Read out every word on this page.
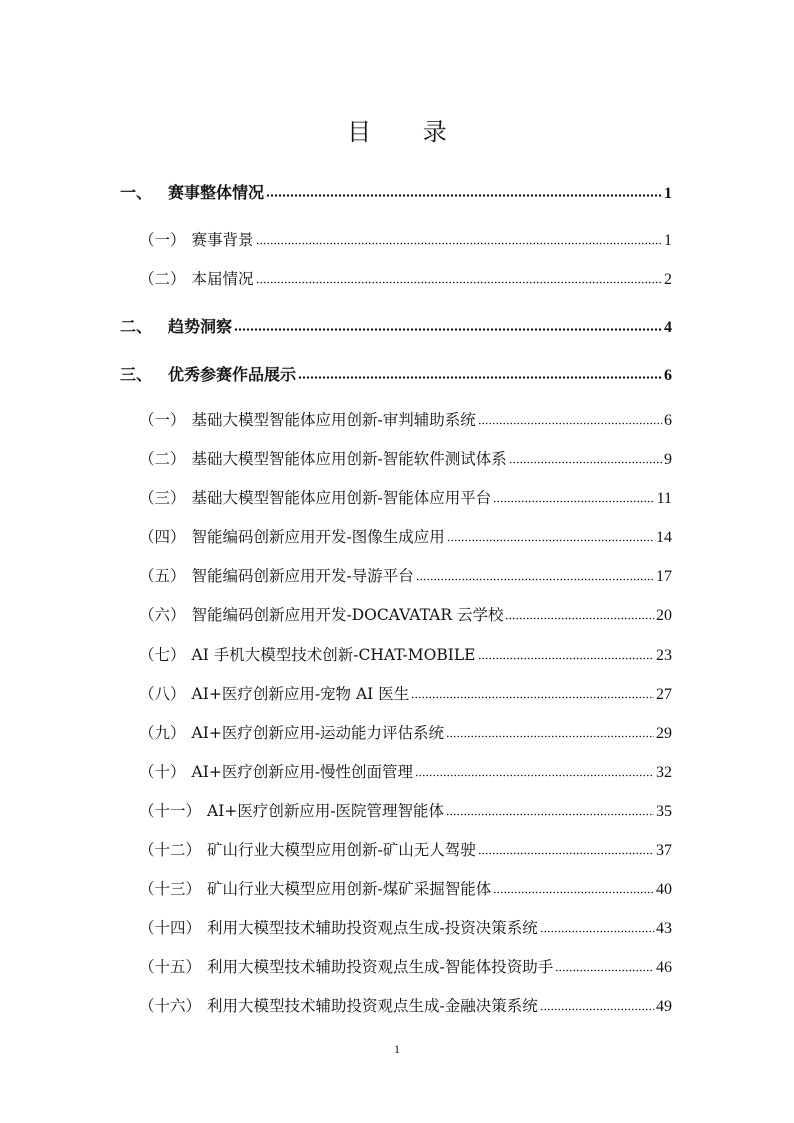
目 录
一、 赛事整体情况	1
（一） 赛事背景	1
（二） 本届情况	2
二、 趋势洞察	4
三、 优秀参赛作品展示	6
（一） 基础大模型智能体应用创新-审判辅助系统	6
（二） 基础大模型智能体应用创新-智能软件测试体系	9
（三） 基础大模型智能体应用创新-智能体应用平台	11
（四） 智能编码创新应用开发-图像生成应用	14
（五） 智能编码创新应用开发-导游平台	17
（六） 智能编码创新应用开发-DOCAVATAR 云学校	20
（七） AI 手机大模型技术创新-CHAT-MOBILE	23
（八） AI+医疗创新应用-宠物 AI 医生	27
（九） AI+医疗创新应用-运动能力评估系统	29
（十） AI+医疗创新应用-慢性创面管理	32
（十一） AI+医疗创新应用-医院管理智能体	35
（十二） 矿山行业大模型应用创新-矿山无人驾驶	37
（十三） 矿山行业大模型应用创新-煤矿采掘智能体	40
（十四） 利用大模型技术辅助投资观点生成-投资决策系统	43
（十五） 利用大模型技术辅助投资观点生成-智能体投资助手	46
（十六） 利用大模型技术辅助投资观点生成-金融决策系统	49
1
